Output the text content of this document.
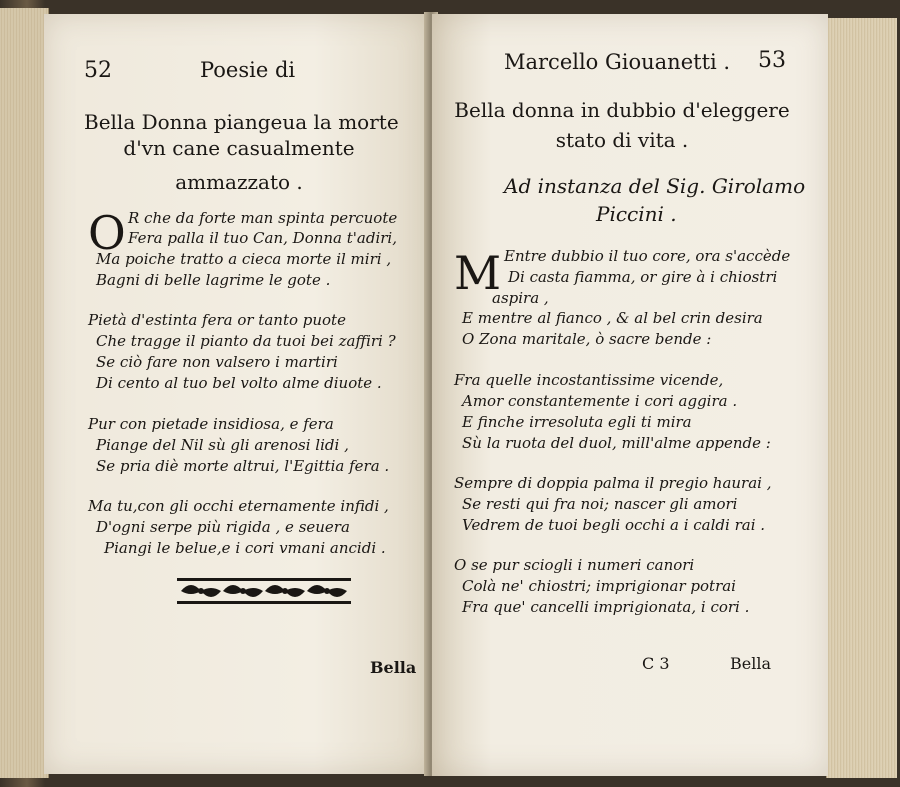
52	Poesie di
Bella Donna piangeua la morte
d'vn cane casualmente
ammazzato .
O R che da forte man spinta percuote
Fera palla il tuo Can, Donna t'adiri,
Ma poiche tratto a cieca morte il miri ,
Bagni di belle lagrime le gote .
Pietà d'estinta fera or tanto puote
Che tragge il pianto da tuoi bei zaffiri ?
Se ciò fare non valsero i martiri
Di cento al tuo bel volto alme diuote .
Pur con pietade insidiosa, e fera
Piange del Nil sù gli arenosi lidi ,
Se pria diè morte altrui, l'Egittia fera .
Ma tu,con gli occhi eternamente infidi ,
D'ogni serpe più rigida , e seuera
Piangi le belue,e i cori vmani ancidi .
Bella
Marcello Giouanetti . 53
Bella donna in dubbio d'eleggere
stato di vita .
Ad instanza del Sig. Girolamo
Piccini .
M Entre dubbio il tuo core, ora s'accède
Di casta fiamma, or gire à i chiostri
aspira ,
E mentre al fianco , & al bel crin desira
O Zona maritale, ò sacre bende :
Fra quelle incostantissime vicende,
Amor constantemente i cori aggira .
E finche irresoluta egli ti mira
Sù la ruota del duol, mill'alme appende :
Sempre di doppia palma il pregio haurai ,
Se resti qui fra noi; nascer gli amori
Vedrem de tuoi begli occhi a i caldi rai .
O se pur sciogli i numeri canori
Colà ne' chiostri; imprigionar potrai
Fra que' cancelli imprigionata, i cori .
C 3	Bella
